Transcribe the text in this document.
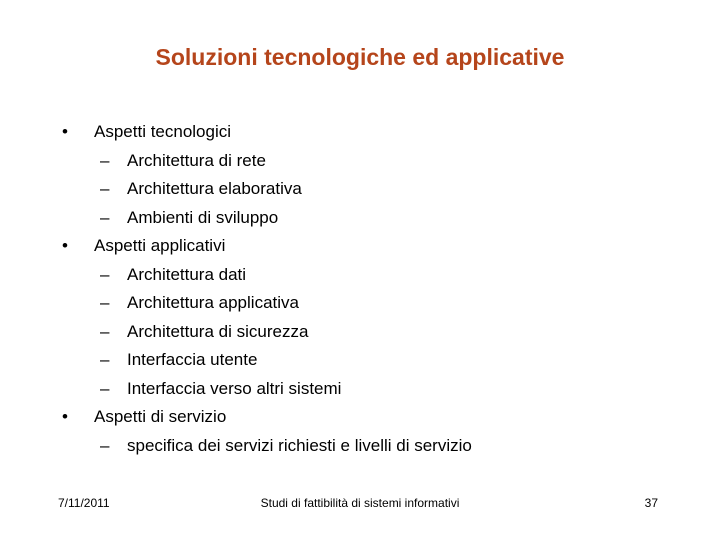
Soluzioni tecnologiche ed applicative
• Aspetti tecnologici
– Architettura di rete
– Architettura elaborativa
– Ambienti di sviluppo
• Aspetti applicativi
– Architettura dati
– Architettura applicativa
– Architettura di sicurezza
– Interfaccia utente
– Interfaccia verso altri sistemi
• Aspetti di servizio
– specifica dei servizi richiesti e livelli di servizio
7/11/2011	Studi di fattibilità di sistemi informativi	37
